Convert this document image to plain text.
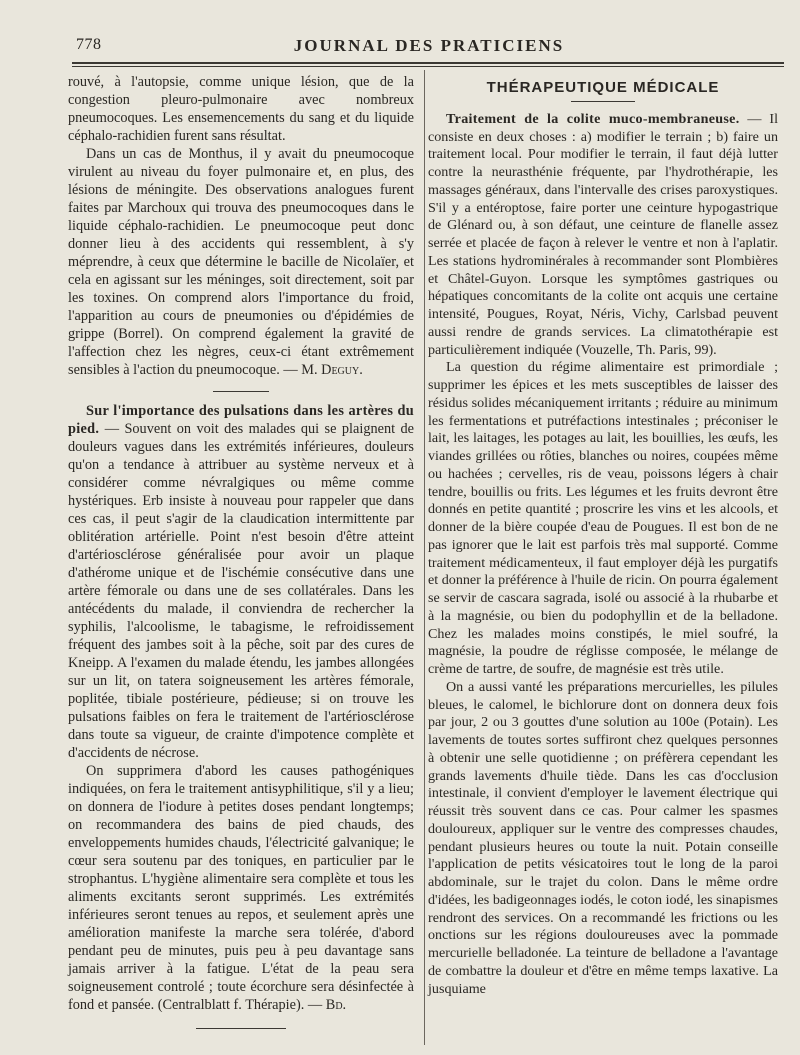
778	JOURNAL DES PRATICIENS

rouvé, à l'autopsie, comme unique lésion, que de la congestion pleuro-pulmonaire avec nombreux pneumocoques. Les ensemencements du sang et du liquide céphalo-rachidien furent sans résultat.

Dans un cas de Monthus, il y avait du pneumocoque virulent au niveau du foyer pulmonaire et, en plus, des lésions de méningite. Des observations analogues furent faites par Marchoux qui trouva des pneumocoques dans le liquide céphalo-rachidien. Le pneumocoque peut donc donner lieu à des accidents qui ressemblent, à s'y méprendre, à ceux que détermine le bacille de Nicolaïer, et cela en agissant sur les méninges, soit directement, soit par les toxines. On comprend alors l'importance du froid, l'apparition au cours de pneumonies ou d'épidémies de grippe (Borrel). On comprend également la gravité de l'affection chez les nègres, ceux-ci étant extrêmement sensibles à l'action du pneumocoque. — M. Deguy.

Sur l'importance des pulsations dans les artères du pied. — Souvent on voit des malades qui se plaignent de douleurs vagues dans les extrémités inférieures, douleurs qu'on a tendance à attribuer au système nerveux et à considérer comme névralgiques ou même comme hystériques. Erb insiste à nouveau pour rappeler que dans ces cas, il peut s'agir de la claudication intermittente par oblitération artérielle. Point n'est besoin d'être atteint d'artériosclérose généralisée pour avoir un plaque d'athérome unique et de l'ischémie consécutive dans une artère fémorale ou dans une de ses collatérales. Dans les antécédents du malade, il conviendra de rechercher la syphilis, l'alcoolisme, le tabagisme, le refroidissement fréquent des jambes soit à la pêche, soit par des cures de Kneipp. A l'examen du malade étendu, les jambes allongées sur un lit, on tatera soigneusement les artères fémorale, poplitée, tibiale postérieure, pédieuse; si on trouve les pulsations faibles on fera le traitement de l'artériosclérose dans toute sa vigueur, de crainte d'impotence complète et d'accidents de nécrose.

On supprimera d'abord les causes pathogéniques indiquées, on fera le traitement antisyphilitique, s'il y a lieu; on donnera de l'iodure à petites doses pendant longtemps; on recommandera des bains de pied chauds, des enveloppements humides chauds, l'électricité galvanique; le cœur sera soutenu par des toniques, en particulier par le strophantus. L'hygiène alimentaire sera complète et tous les aliments excitants seront supprimés. Les extrémités inférieures seront tenues au repos, et seulement après une amélioration manifeste la marche sera tolérée, d'abord pendant peu de minutes, puis peu à peu davantage sans jamais arriver à la fatigue. L'état de la peau sera soigneusement controlé ; toute écorchure sera désinfectée à fond et pansée. (Centralblatt f. Thérapie). — Bd.

THÉRAPEUTIQUE MÉDICALE

Traitement de la colite muco-membraneuse. — Il consiste en deux choses : a) modifier le terrain ; b) faire un traitement local. Pour modifier le terrain, il faut déjà lutter contre la neurasthénie fréquente, par l'hydrothérapie, les massages généraux, dans l'intervalle des crises paroxystiques. S'il y a entéroptose, faire porter une ceinture hypogastrique de Glénard ou, à son défaut, une ceinture de flanelle assez serrée et placée de façon à relever le ventre et non à l'aplatir. Les stations hydrominérales à recommander sont Plombières et Châtel-Guyon. Lorsque les symptômes gastriques ou hépatiques concomitants de la colite ont acquis une certaine intensité, Pougues, Royat, Néris, Vichy, Carlsbad peuvent aussi rendre de grands services. La climatothérapie est particulièrement indiquée (Vouzelle, Th. Paris, 99).

La question du régime alimentaire est primordiale ; supprimer les épices et les mets susceptibles de laisser des résidus solides mécaniquement irritants ; réduire au minimum les fermentations et putréfactions intestinales ; préconiser le lait, les laitages, les potages au lait, les bouillies, les œufs, les viandes grillées ou rôties, blanches ou noires, coupées même ou hachées ; cervelles, ris de veau, poissons légers à chair tendre, bouillis ou frits. Les légumes et les fruits devront être donnés en petite quantité ; proscrire les vins et les alcools, et donner de la bière coupée d'eau de Pougues. Il est bon de ne pas ignorer que le lait est parfois très mal supporté. Comme traitement médicamenteux, il faut employer déjà les purgatifs et donner la préférence à l'huile de ricin. On pourra également se servir de cascara sagrada, isolé ou associé à la rhubarbe et à la magnésie, ou bien du podophyllin et de la belladone. Chez les malades moins constipés, le miel soufré, la magnésie, la poudre de réglisse composée, le mélange de crème de tartre, de soufre, de magnésie est très utile.

On a aussi vanté les préparations mercurielles, les pilules bleues, le calomel, le bichlorure dont on donnera deux fois par jour, 2 ou 3 gouttes d'une solution au 100e (Potain). Les lavements de toutes sortes suffiront chez quelques personnes à obtenir une selle quotidienne ; on préfèrera cependant les grands lavements d'huile tiède. Dans les cas d'occlusion intestinale, il convient d'employer le lavement électrique qui réussit très souvent dans ce cas. Pour calmer les spasmes douloureux, appliquer sur le ventre des compresses chaudes, pendant plusieurs heures ou toute la nuit. Potain conseille l'application de petits vésicatoires tout le long de la paroi abdominale, sur le trajet du colon. Dans le même ordre d'idées, les badigeonnages iodés, le coton iodé, les sinapismes rendront des services. On a recommandé les frictions ou les onctions sur les régions douloureuses avec la pommade mercurielle belladonée. La teinture de belladone a l'avantage de combattre la douleur et d'être en même temps laxative. La jusquiame
